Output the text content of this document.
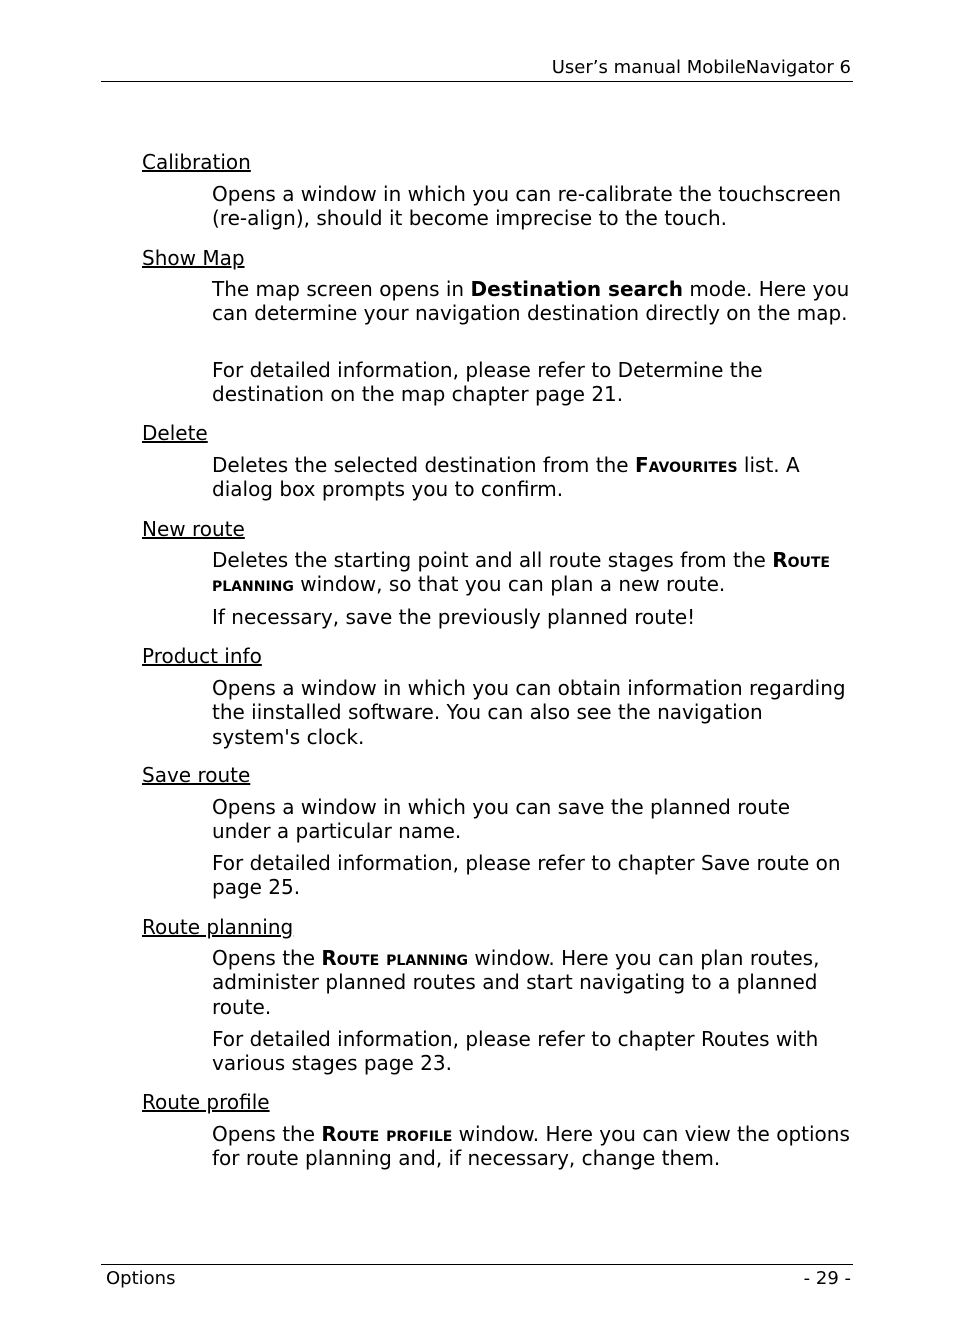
User’s manual MobileNavigator 6
Calibration

Opens a window in which you can re-calibrate the touchscreen (re-align), should it become imprecise to the touch.

Show Map

The map screen opens in Destination search mode. Here you can determine your navigation destination directly on the map.

For detailed information, please refer to Determine the destination on the map chapter page 21.

Delete

Deletes the selected destination from the Favourites list. A dialog box prompts you to confirm.

New route

Deletes the starting point and all route stages from the Route planning window, so that you can plan a new route.

If necessary, save the previously planned route!

Product info

Opens a window in which you can obtain information regarding the iinstalled software. You can also see the navigation system's clock.

Save route

Opens a window in which you can save the planned route under a particular name.

For detailed information, please refer to chapter Save route on page 25.

Route planning

Opens the Route planning window. Here you can plan routes, administer planned routes and start navigating to a planned route.

For detailed information, please refer to chapter Routes with various stages page 23.

Route profile

Opens the Route profile window. Here you can view the options for route planning and, if necessary, change them.

Options	- 29 -
